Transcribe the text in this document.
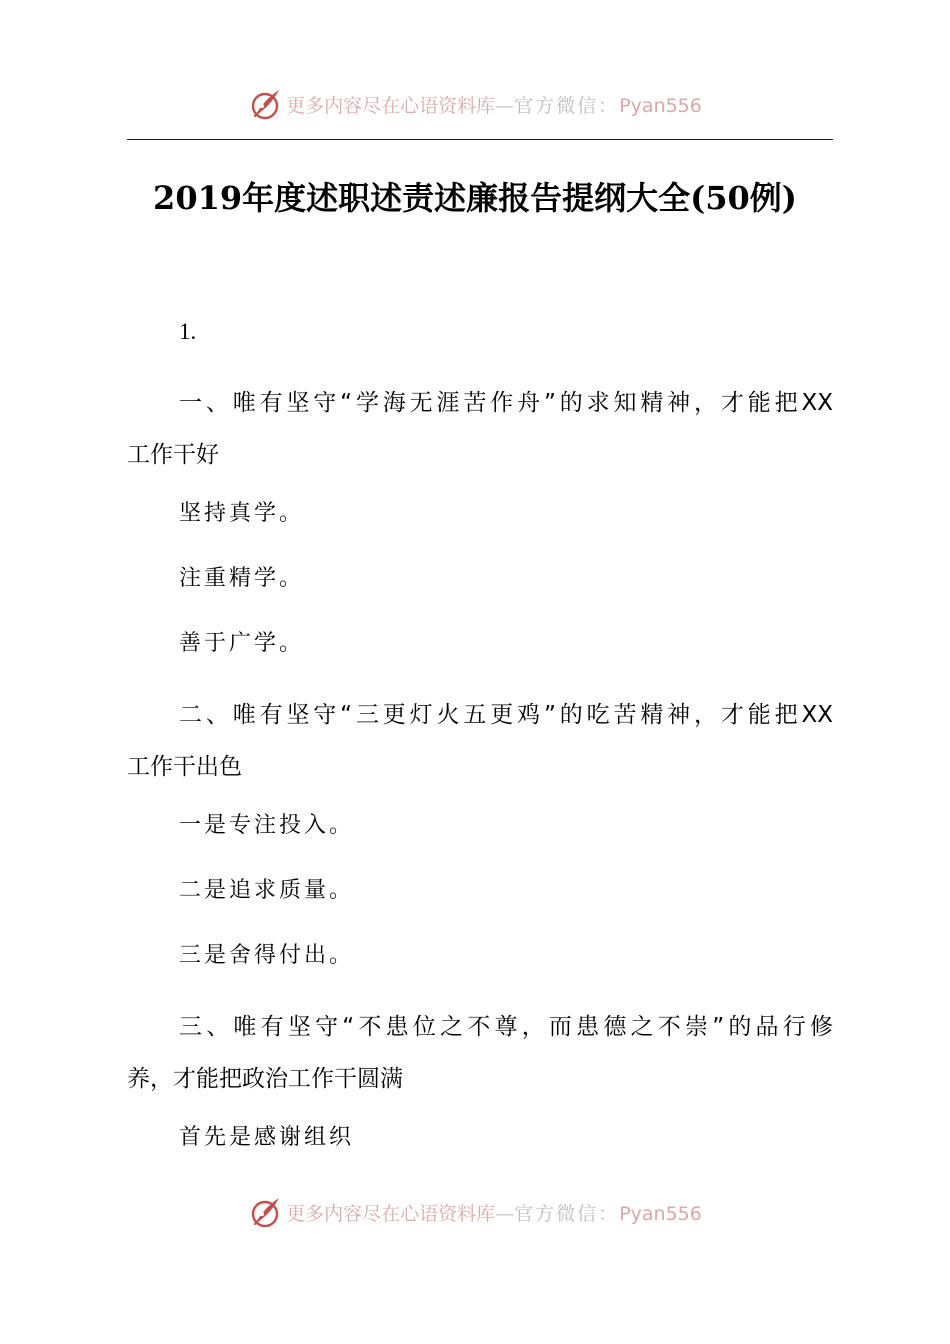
更多内容尽在心语资料库—官方微信：Pyan556
2019年度述职述责述廉报告提纲大全(50例)

1.

一、唯有坚守“学海无涯苦作舟”的求知精神，才能把XX
工作干好

坚持真学。

注重精学。

善于广学。

二、唯有坚守“三更灯火五更鸡”的吃苦精神，才能把XX
工作干出色

一是专注投入。

二是追求质量。

三是舍得付出。

三、唯有坚守“不患位之不尊，而患德之不崇”的品行修
养，才能把政治工作干圆满

首先是感谢组织

更多内容尽在心语资料库—官方微信：Pyan556
